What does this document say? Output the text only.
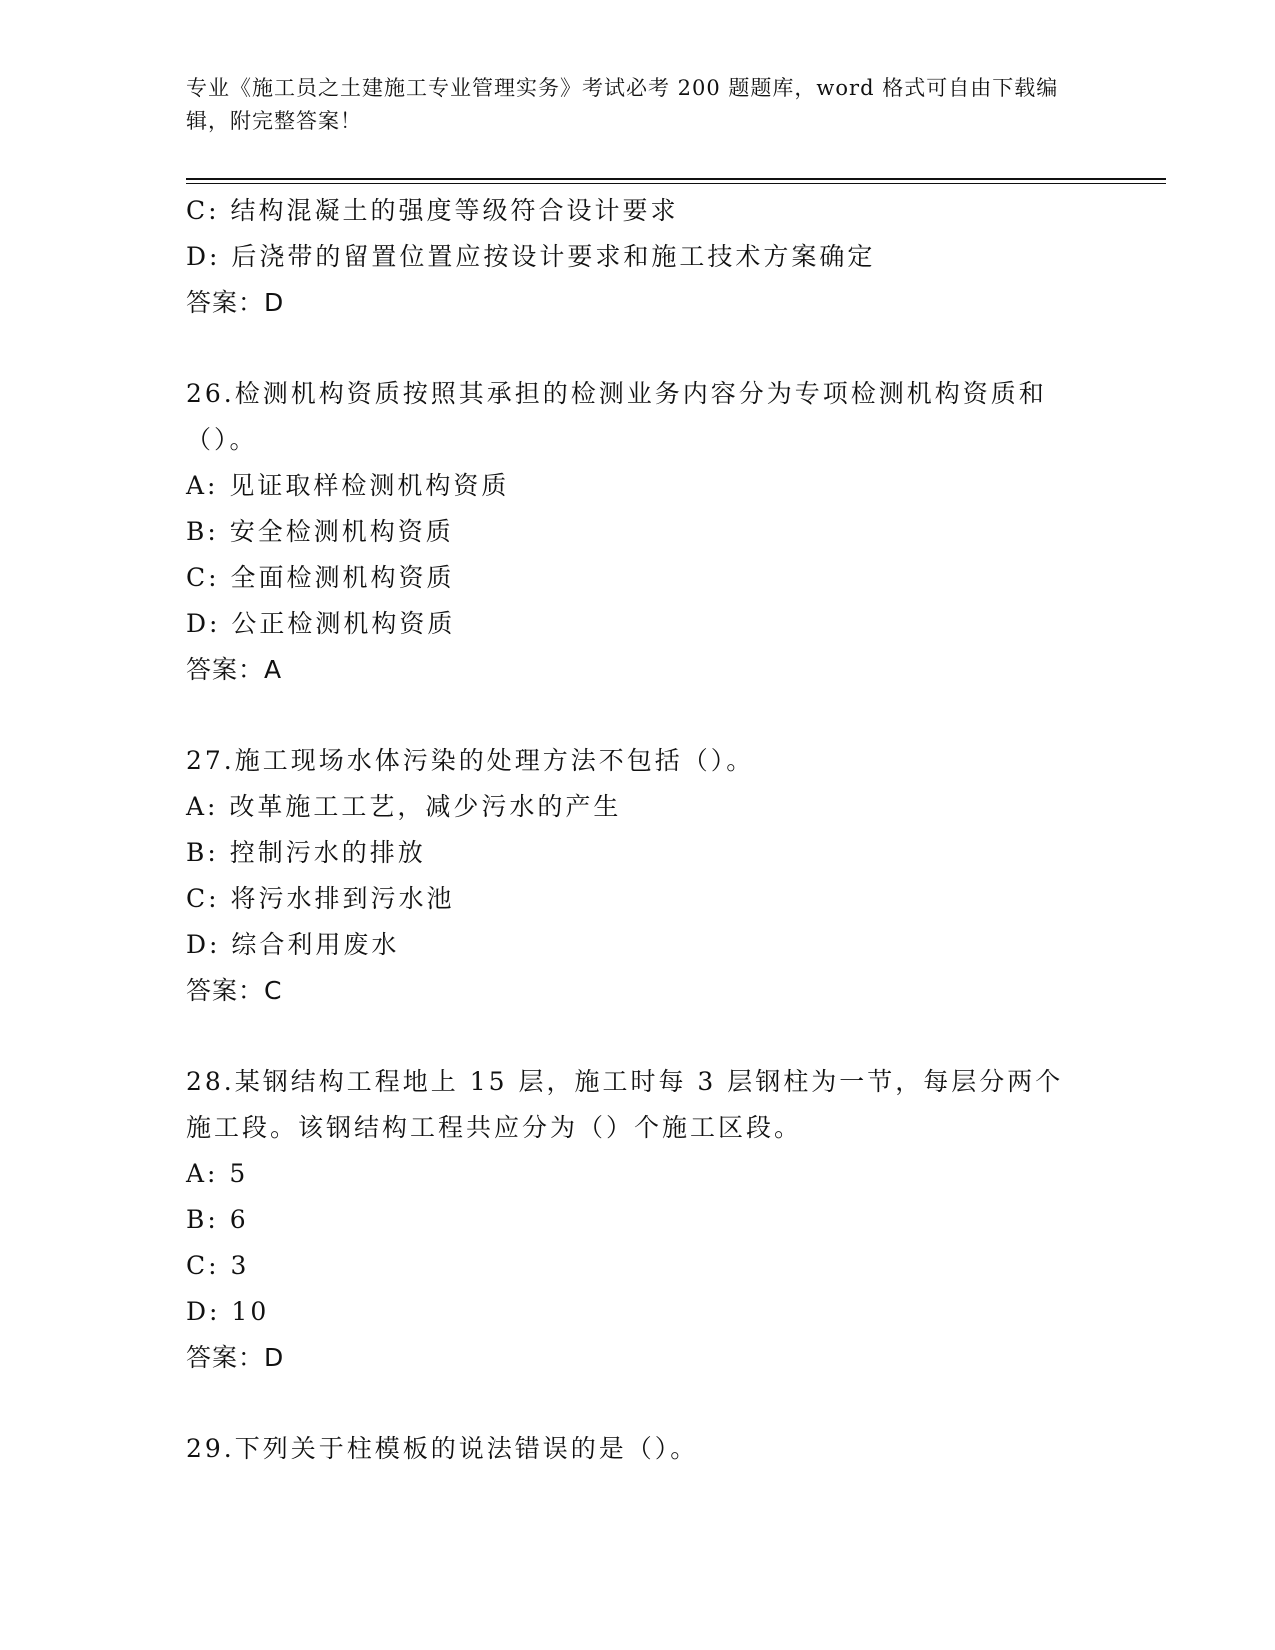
专业《施工员之土建施工专业管理实务》考试必考 200 题题库，word 格式可自由下载编辑，附完整答案！
C: 结构混凝土的强度等级符合设计要求
D: 后浇带的留置位置应按设计要求和施工技术方案确定
答案：D
26.检测机构资质按照其承担的检测业务内容分为专项检测机构资质和（）。
A: 见证取样检测机构资质
B: 安全检测机构资质
C: 全面检测机构资质
D: 公正检测机构资质
答案：A
27.施工现场水体污染的处理方法不包括（）。
A: 改革施工工艺，减少污水的产生
B: 控制污水的排放
C: 将污水排到污水池
D: 综合利用废水
答案：C
28.某钢结构工程地上 15 层，施工时每 3 层钢柱为一节，每层分两个施工段。该钢结构工程共应分为（）个施工区段。
A: 5
B: 6
C: 3
D: 10
答案：D
29.下列关于柱模板的说法错误的是（）。
